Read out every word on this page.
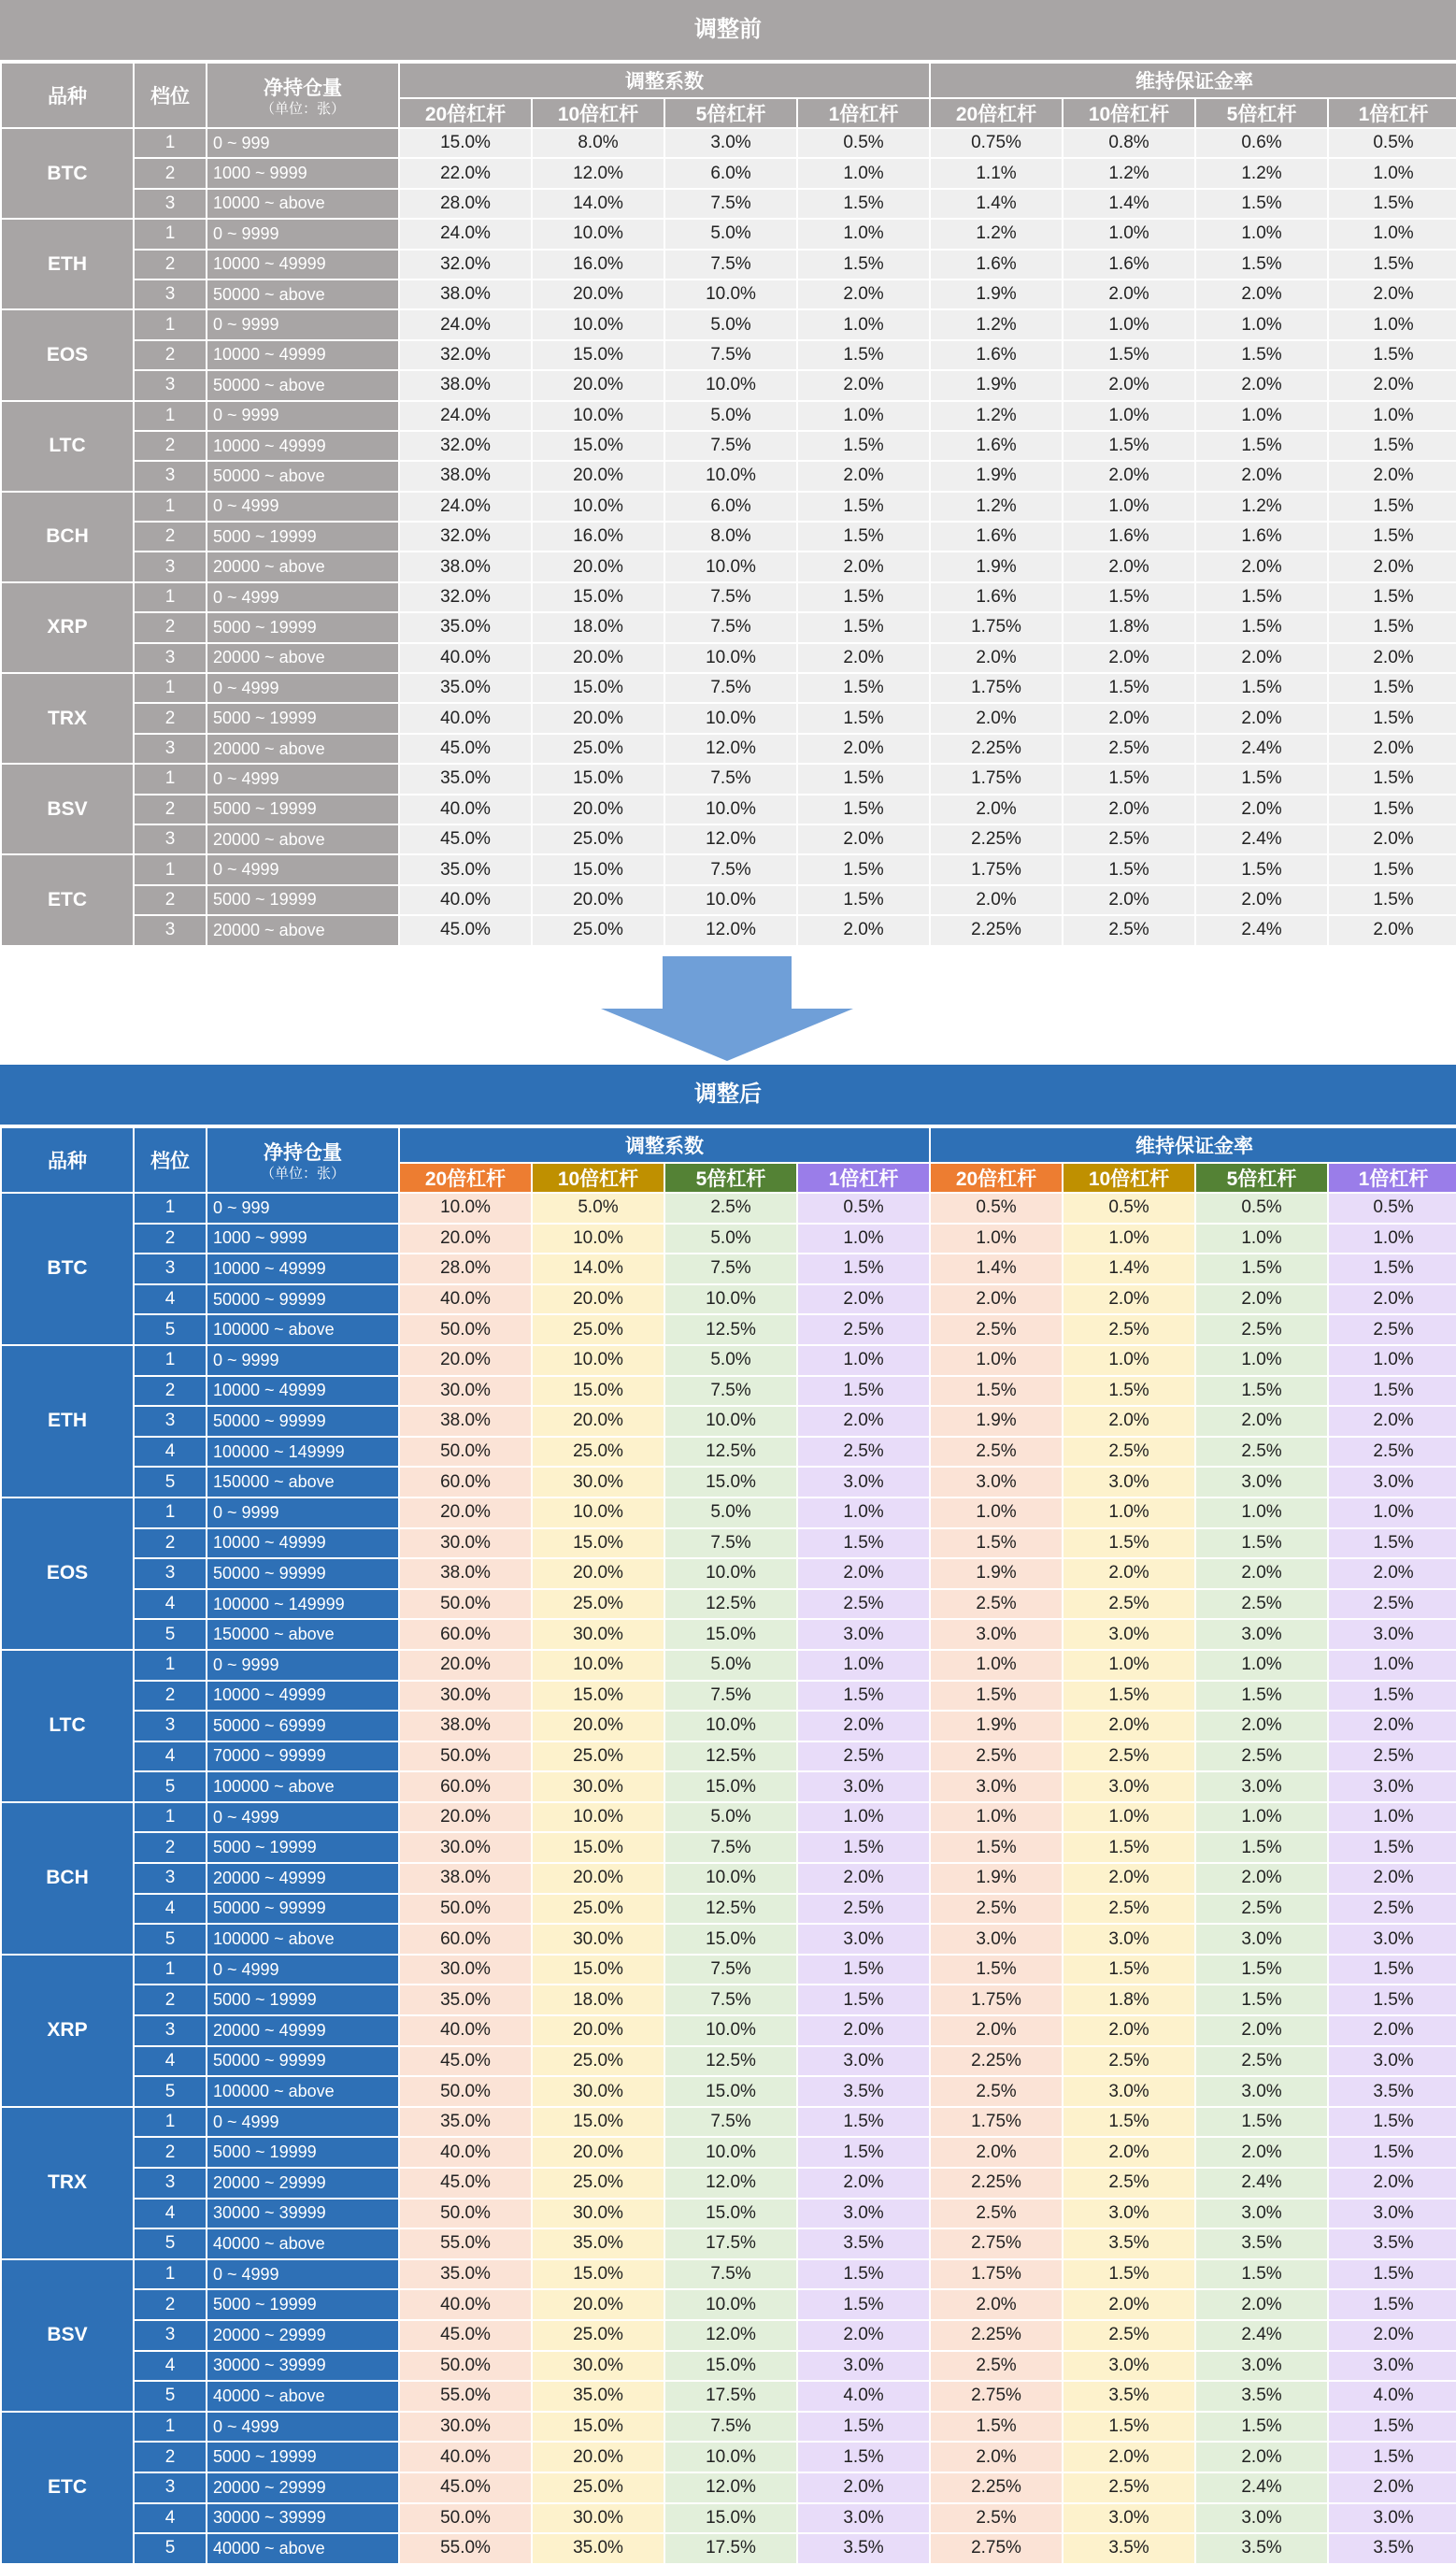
调整前
品种	档位	净持仓量
（单位：张）	调整系数				维持保证金率			
			20倍杠杆	10倍杠杆	5倍杠杆	1倍杠杆	20倍杠杆	10倍杠杆	5倍杠杆	1倍杠杆
BTC	1	0 ~ 999	15.0%	8.0%	3.0%	0.5%	0.75%	0.8%	0.6%	0.5%
	2	1000 ~ 9999	22.0%	12.0%	6.0%	1.0%	1.1%	1.2%	1.2%	1.0%
	3	10000 ~ above	28.0%	14.0%	7.5%	1.5%	1.4%	1.4%	1.5%	1.5%
ETH	1	0 ~ 9999	24.0%	10.0%	5.0%	1.0%	1.2%	1.0%	1.0%	1.0%
	2	10000 ~ 49999	32.0%	16.0%	7.5%	1.5%	1.6%	1.6%	1.5%	1.5%
	3	50000 ~ above	38.0%	20.0%	10.0%	2.0%	1.9%	2.0%	2.0%	2.0%
EOS	1	0 ~ 9999	24.0%	10.0%	5.0%	1.0%	1.2%	1.0%	1.0%	1.0%
	2	10000 ~ 49999	32.0%	15.0%	7.5%	1.5%	1.6%	1.5%	1.5%	1.5%
	3	50000 ~ above	38.0%	20.0%	10.0%	2.0%	1.9%	2.0%	2.0%	2.0%
LTC	1	0 ~ 9999	24.0%	10.0%	5.0%	1.0%	1.2%	1.0%	1.0%	1.0%
	2	10000 ~ 49999	32.0%	15.0%	7.5%	1.5%	1.6%	1.5%	1.5%	1.5%
	3	50000 ~ above	38.0%	20.0%	10.0%	2.0%	1.9%	2.0%	2.0%	2.0%
BCH	1	0 ~ 4999	24.0%	10.0%	6.0%	1.5%	1.2%	1.0%	1.2%	1.5%
	2	5000 ~ 19999	32.0%	16.0%	8.0%	1.5%	1.6%	1.6%	1.6%	1.5%
	3	20000 ~ above	38.0%	20.0%	10.0%	2.0%	1.9%	2.0%	2.0%	2.0%
XRP	1	0 ~ 4999	32.0%	15.0%	7.5%	1.5%	1.6%	1.5%	1.5%	1.5%
	2	5000 ~ 19999	35.0%	18.0%	7.5%	1.5%	1.75%	1.8%	1.5%	1.5%
	3	20000 ~ above	40.0%	20.0%	10.0%	2.0%	2.0%	2.0%	2.0%	2.0%
TRX	1	0 ~ 4999	35.0%	15.0%	7.5%	1.5%	1.75%	1.5%	1.5%	1.5%
	2	5000 ~ 19999	40.0%	20.0%	10.0%	1.5%	2.0%	2.0%	2.0%	1.5%
	3	20000 ~ above	45.0%	25.0%	12.0%	2.0%	2.25%	2.5%	2.4%	2.0%
BSV	1	0 ~ 4999	35.0%	15.0%	7.5%	1.5%	1.75%	1.5%	1.5%	1.5%
	2	5000 ~ 19999	40.0%	20.0%	10.0%	1.5%	2.0%	2.0%	2.0%	1.5%
	3	20000 ~ above	45.0%	25.0%	12.0%	2.0%	2.25%	2.5%	2.4%	2.0%
ETC	1	0 ~ 4999	35.0%	15.0%	7.5%	1.5%	1.75%	1.5%	1.5%	1.5%
	2	5000 ~ 19999	40.0%	20.0%	10.0%	1.5%	2.0%	2.0%	2.0%	1.5%
	3	20000 ~ above	45.0%	25.0%	12.0%	2.0%	2.25%	2.5%	2.4%	2.0%
调整后
品种	档位	净持仓量
（单位：张）	调整系数				维持保证金率			
			20倍杠杆	10倍杠杆	5倍杠杆	1倍杠杆	20倍杠杆	10倍杠杆	5倍杠杆	1倍杠杆
BTC	1	0 ~ 999	10.0%	5.0%	2.5%	0.5%	0.5%	0.5%	0.5%	0.5%
	2	1000 ~ 9999	20.0%	10.0%	5.0%	1.0%	1.0%	1.0%	1.0%	1.0%
	3	10000 ~ 49999	28.0%	14.0%	7.5%	1.5%	1.4%	1.4%	1.5%	1.5%
	4	50000 ~ 99999	40.0%	20.0%	10.0%	2.0%	2.0%	2.0%	2.0%	2.0%
	5	100000 ~ above	50.0%	25.0%	12.5%	2.5%	2.5%	2.5%	2.5%	2.5%
ETH	1	0 ~ 9999	20.0%	10.0%	5.0%	1.0%	1.0%	1.0%	1.0%	1.0%
	2	10000 ~ 49999	30.0%	15.0%	7.5%	1.5%	1.5%	1.5%	1.5%	1.5%
	3	50000 ~ 99999	38.0%	20.0%	10.0%	2.0%	1.9%	2.0%	2.0%	2.0%
	4	100000 ~ 149999	50.0%	25.0%	12.5%	2.5%	2.5%	2.5%	2.5%	2.5%
	5	150000 ~ above	60.0%	30.0%	15.0%	3.0%	3.0%	3.0%	3.0%	3.0%
EOS	1	0 ~ 9999	20.0%	10.0%	5.0%	1.0%	1.0%	1.0%	1.0%	1.0%
	2	10000 ~ 49999	30.0%	15.0%	7.5%	1.5%	1.5%	1.5%	1.5%	1.5%
	3	50000 ~ 99999	38.0%	20.0%	10.0%	2.0%	1.9%	2.0%	2.0%	2.0%
	4	100000 ~ 149999	50.0%	25.0%	12.5%	2.5%	2.5%	2.5%	2.5%	2.5%
	5	150000 ~ above	60.0%	30.0%	15.0%	3.0%	3.0%	3.0%	3.0%	3.0%
LTC	1	0 ~ 9999	20.0%	10.0%	5.0%	1.0%	1.0%	1.0%	1.0%	1.0%
	2	10000 ~ 49999	30.0%	15.0%	7.5%	1.5%	1.5%	1.5%	1.5%	1.5%
	3	50000 ~ 69999	38.0%	20.0%	10.0%	2.0%	1.9%	2.0%	2.0%	2.0%
	4	70000 ~ 99999	50.0%	25.0%	12.5%	2.5%	2.5%	2.5%	2.5%	2.5%
	5	100000 ~ above	60.0%	30.0%	15.0%	3.0%	3.0%	3.0%	3.0%	3.0%
BCH	1	0 ~ 4999	20.0%	10.0%	5.0%	1.0%	1.0%	1.0%	1.0%	1.0%
	2	5000 ~ 19999	30.0%	15.0%	7.5%	1.5%	1.5%	1.5%	1.5%	1.5%
	3	20000 ~ 49999	38.0%	20.0%	10.0%	2.0%	1.9%	2.0%	2.0%	2.0%
	4	50000 ~ 99999	50.0%	25.0%	12.5%	2.5%	2.5%	2.5%	2.5%	2.5%
	5	100000 ~ above	60.0%	30.0%	15.0%	3.0%	3.0%	3.0%	3.0%	3.0%
XRP	1	0 ~ 4999	30.0%	15.0%	7.5%	1.5%	1.5%	1.5%	1.5%	1.5%
	2	5000 ~ 19999	35.0%	18.0%	7.5%	1.5%	1.75%	1.8%	1.5%	1.5%
	3	20000 ~ 49999	40.0%	20.0%	10.0%	2.0%	2.0%	2.0%	2.0%	2.0%
	4	50000 ~ 99999	45.0%	25.0%	12.5%	3.0%	2.25%	2.5%	2.5%	3.0%
	5	100000 ~ above	50.0%	30.0%	15.0%	3.5%	2.5%	3.0%	3.0%	3.5%
TRX	1	0 ~ 4999	35.0%	15.0%	7.5%	1.5%	1.75%	1.5%	1.5%	1.5%
	2	5000 ~ 19999	40.0%	20.0%	10.0%	1.5%	2.0%	2.0%	2.0%	1.5%
	3	20000 ~ 29999	45.0%	25.0%	12.0%	2.0%	2.25%	2.5%	2.4%	2.0%
	4	30000 ~ 39999	50.0%	30.0%	15.0%	3.0%	2.5%	3.0%	3.0%	3.0%
	5	40000 ~ above	55.0%	35.0%	17.5%	3.5%	2.75%	3.5%	3.5%	3.5%
BSV	1	0 ~ 4999	35.0%	15.0%	7.5%	1.5%	1.75%	1.5%	1.5%	1.5%
	2	5000 ~ 19999	40.0%	20.0%	10.0%	1.5%	2.0%	2.0%	2.0%	1.5%
	3	20000 ~ 29999	45.0%	25.0%	12.0%	2.0%	2.25%	2.5%	2.4%	2.0%
	4	30000 ~ 39999	50.0%	30.0%	15.0%	3.0%	2.5%	3.0%	3.0%	3.0%
	5	40000 ~ above	55.0%	35.0%	17.5%	4.0%	2.75%	3.5%	3.5%	4.0%
ETC	1	0 ~ 4999	30.0%	15.0%	7.5%	1.5%	1.5%	1.5%	1.5%	1.5%
	2	5000 ~ 19999	40.0%	20.0%	10.0%	1.5%	2.0%	2.0%	2.0%	1.5%
	3	20000 ~ 29999	45.0%	25.0%	12.0%	2.0%	2.25%	2.5%	2.4%	2.0%
	4	30000 ~ 39999	50.0%	30.0%	15.0%	3.0%	2.5%	3.0%	3.0%	3.0%
	5	40000 ~ above	55.0%	35.0%	17.5%	3.5%	2.75%	3.5%	3.5%	3.5%
